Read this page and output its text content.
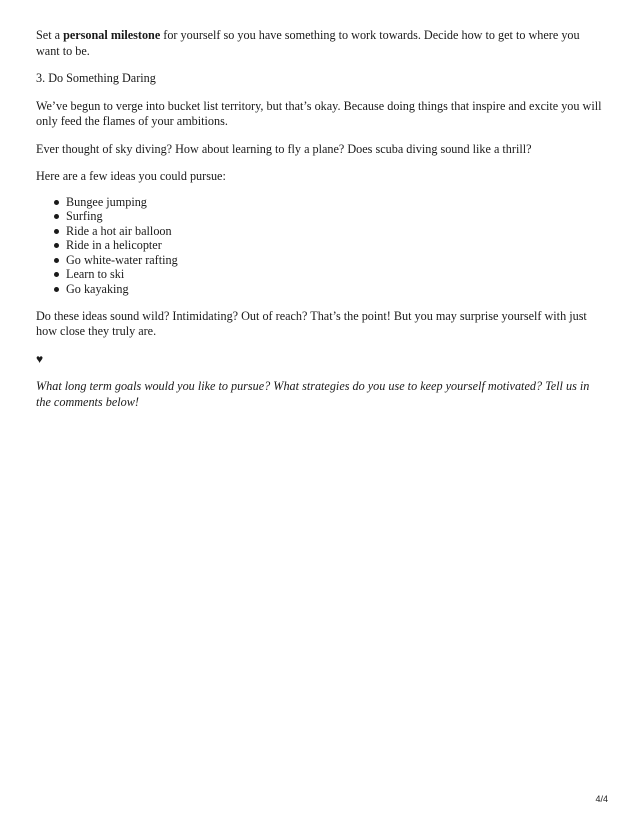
Set a personal milestone for yourself so you have something to work towards. Decide how to get to where you want to be.

3. Do Something Daring

We’ve begun to verge into bucket list territory, but that’s okay. Because doing things that inspire and excite you will only feed the flames of your ambitions.

Ever thought of sky diving? How about learning to fly a plane? Does scuba diving sound like a thrill?

Here are a few ideas you could pursue:

Bungee jumping
Surfing
Ride a hot air balloon
Ride in a helicopter
Go white-water rafting
Learn to ski
Go kayaking

Do these ideas sound wild? Intimidating? Out of reach? That’s the point! But you may surprise yourself with just how close they truly are.

♥

What long term goals would you like to pursue? What strategies do you use to keep yourself motivated? Tell us in the comments below!

4/4
